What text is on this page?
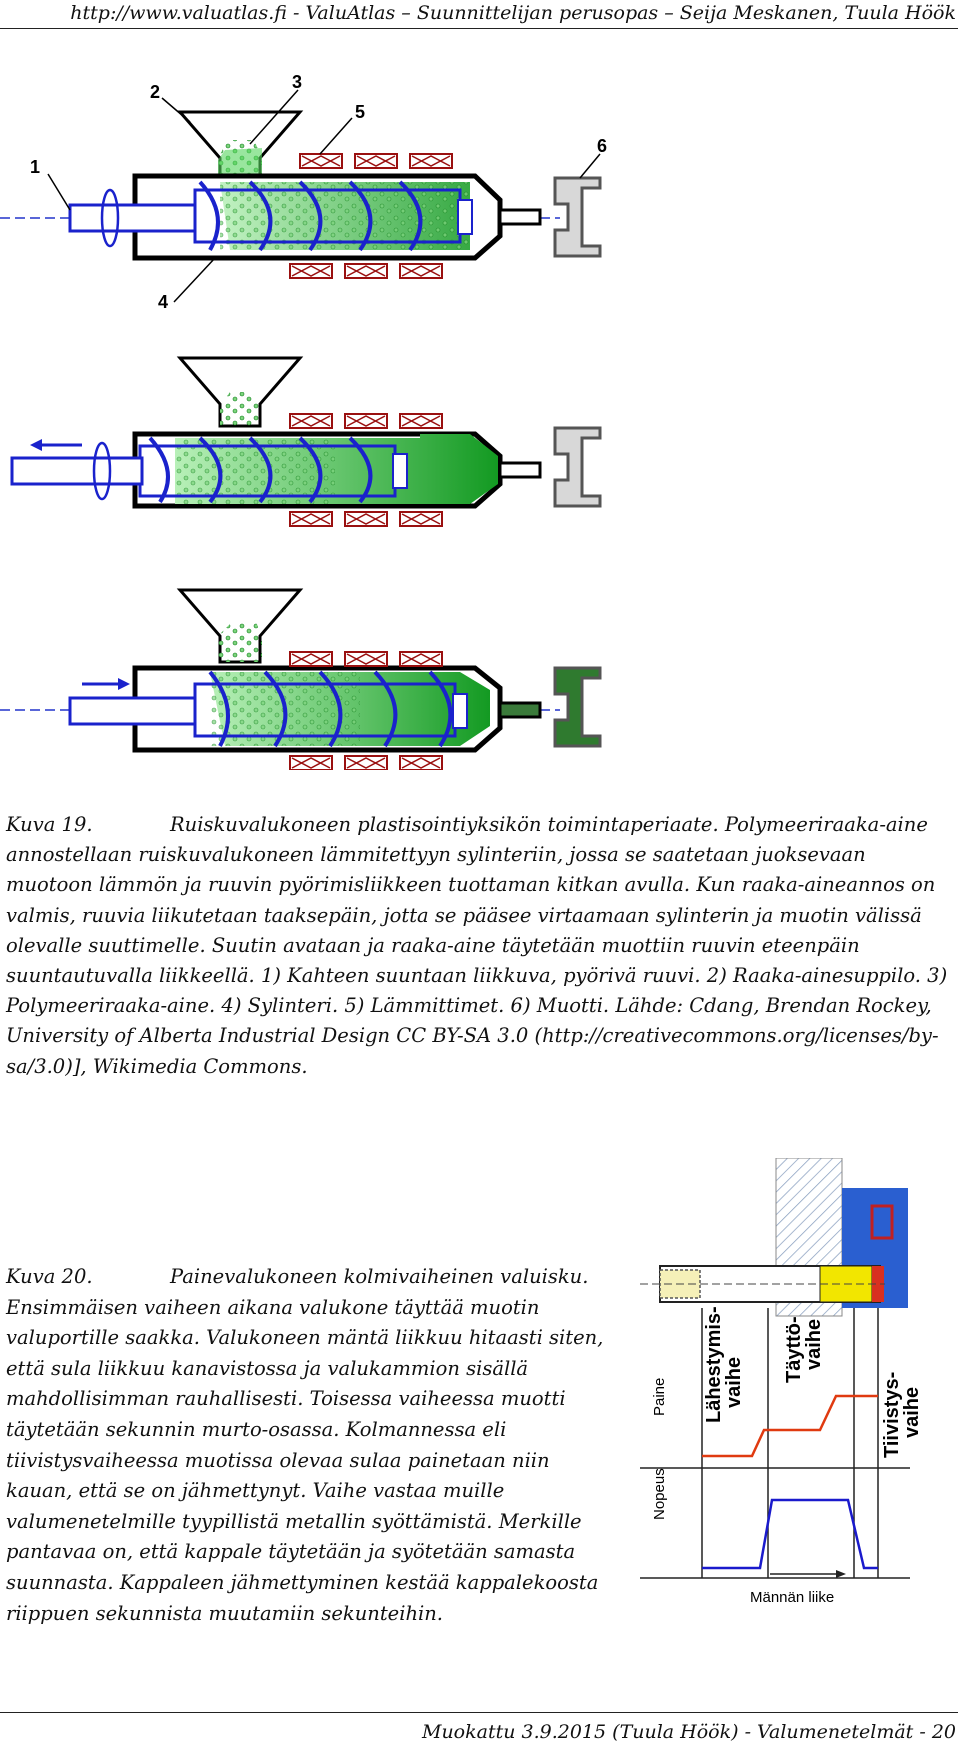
http://www.valuatlas.fi - ValuAtlas – Suunnittelijan perusopas – Seija Meskanen, Tuula Höök
1
2	3
5
6
4
Kuva 19.	Ruiskuvalukoneen plastisointiyksikön toimintaperiaate. Polymeeriraaka-aine annostellaan ruiskuvalukoneen lämmitettyyn sylinteriin, jossa se saatetaan juoksevaan muotoon lämmön ja ruuvin pyörimisliikkeen tuottaman kitkan avulla. Kun raaka-aineannos on valmis, ruuvia liikutetaan taaksepäin, jotta se pääsee virtaamaan sylinterin ja muotin välissä olevalle suuttimelle. Suutin avataan ja raaka-aine täytetään muottiin ruuvin eteenpäin suuntautuvalla liikkeellä. 1) Kahteen suuntaan liikkuva, pyörivä ruuvi. 2) Raaka-ainesuppilo. 3) Polymeeriraaka-aine. 4) Sylinteri. 5) Lämmittimet. 6) Muotti. Lähde: Cdang, Brendan Rockey, University of Alberta Industrial Design CC BY-SA 3.0 (http://creativecommons.org/licenses/by-sa/3.0)], Wikimedia Commons.
Kuva 20.	Painevalukoneen kolmivaiheinen valuisku. Ensimmäisen vaiheen aikana valukone täyttää muotin valuportille saakka. Valukoneen mäntä liikkuu hitaasti siten, että sula liikkuu kanavistossa ja valukammion sisällä mahdollisimman rauhallisesti. Toisessa vaiheessa muotti täytetään sekunnin murto-osassa. Kolmannessa eli tiivistysvaiheessa muotissa olevaa sulaa painetaan niin kauan, että se on jähmettynyt. Vaihe vastaa muille valumenetelmille tyypillistä metallin syöttämistä. Merkille pantavaa on, että kappale täytetään ja syötetään samasta suunnasta. Kappaleen jähmettyminen kestää kappalekoosta riippuen sekunnista muutamiin sekunteihin.
Lähestymis-
vaihe Täyttö-
vaihe
Tiivistys-
vaihe
Paine
Nopeus
Männän liike
Muokattu 3.9.2015 (Tuula Höök) - Valumenetelmät - 20
